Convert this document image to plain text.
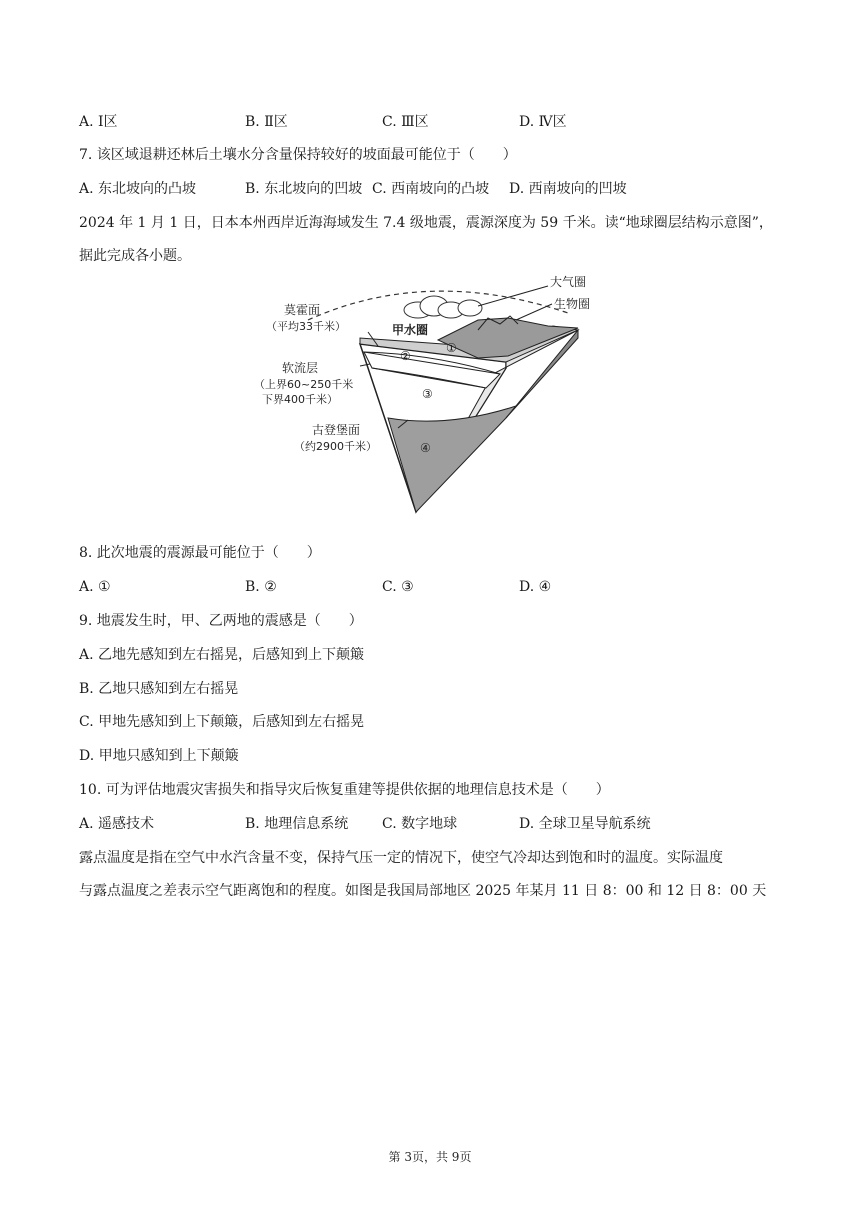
A. Ⅰ区	B. Ⅱ区	C. Ⅲ区	D. Ⅳ区
7. 该区域退耕还林后土壤水分含量保持较好的坡面最可能位于（　　）
A. 东北坡向的凸坡	B. 东北坡向的凹坡 C. 西南坡向的凸坡 D. 西南坡向的凹坡
2024 年 1 月 1 日，日本本州西岸近海海域发生 7.4 级地震，震源深度为 59 千米。读“地球圈层结构示意图”，
据此完成各小题。
大气圈
生物圈
甲水圈
莫霍面
（平均33千米）
软流层
（上界60~250千米
下界400千米）
古登堡面
（约2900千米）
①
②
③
④
8. 此次地震的震源最可能位于（　　）
A. ①	B. ②	C. ③	D. ④
9. 地震发生时，甲、乙两地的震感是（　　）
A. 乙地先感知到左右摇晃，后感知到上下颠簸
B. 乙地只感知到左右摇晃
C. 甲地先感知到上下颠簸，后感知到左右摇晃
D. 甲地只感知到上下颠簸
10. 可为评估地震灾害损失和指导灾后恢复重建等提供依据的地理信息技术是（　　）
A. 遥感技术	B. 地理信息系统 C. 数字地球	D. 全球卫星导航系统
露点温度是指在空气中水汽含量不变，保持气压一定的情况下，使空气冷却达到饱和时的温度。实际温度
与露点温度之差表示空气距离饱和的程度。如图是我国局部地区 2025 年某月 11 日 8：00 和 12 日 8：00 天
第 3页，共 9页
